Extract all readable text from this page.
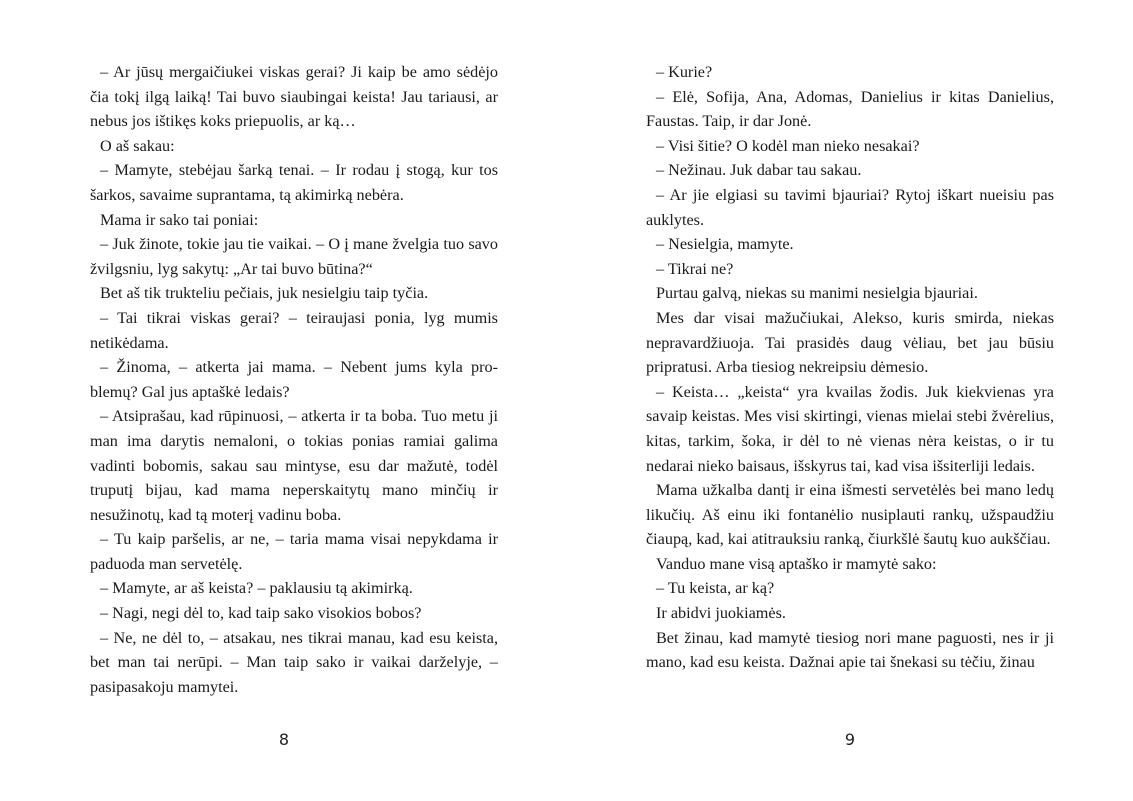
– Ar jūsų mergaičiukei viskas gerai? Ji kaip be amo sėdėjo čia tokį ilgą laiką! Tai buvo siaubingai keista! Jau tariausi, ar nebus jos ištikęs koks priepuolis, ar ką…

O aš sakau:

– Mamyte, stebėjau šarką tenai. – Ir rodau į stogą, kur tos šarkos, savaime suprantama, tą akimirką nebėra.

Mama ir sako tai poniai:

– Juk žinote, tokie jau tie vaikai. – O į mane žvelgia tuo savo žvilgsniu, lyg sakytų: „Ar tai buvo būtina?“

Bet aš tik trukteliu pečiais, juk nesielgiu taip tyčia.

– Tai tikrai viskas gerai? – teiraujasi ponia, lyg mumis netikėdama.

– Žinoma, – atkerta jai mama. – Nebent jums kyla problemų? Gal jus aptaškė ledais?

– Atsiprašau, kad rūpinuosi, – atkerta ir ta boba. Tuo metu ji man ima darytis nemaloni, o tokias ponias ramiai galima vadinti bobomis, sakau sau mintyse, esu dar mažutė, todėl truputį bijau, kad mama neperskaitytų mano minčių ir nesužinotų, kad tą moterį vadinu boba.

– Tu kaip paršelis, ar ne, – taria mama visai nepykdama ir paduoda man servetėlę.

– Mamyte, ar aš keista? – paklausiu tą akimirką.

– Nagi, negi dėl to, kad taip sako visokios bobos?

– Ne, ne dėl to, – atsakau, nes tikrai manau, kad esu keista, bet man tai nerūpi. – Man taip sako ir vaikai darželyje, – pasipasakoju mamytei.

8

– Kurie?

– Elė, Sofija, Ana, Adomas, Danielius ir kitas Danielius, Faustas. Taip, ir dar Jonė.

– Visi šitie? O kodėl man nieko nesakai?

– Nežinau. Juk dabar tau sakau.

– Ar jie elgiasi su tavimi bjauriai? Rytoj iškart nueisiu pas auklytes.

– Nesielgia, mamyte.

– Tikrai ne?

Purtau galvą, niekas su manimi nesielgia bjauriai.

Mes dar visai mažučiukai, Alekso, kuris smirda, niekas nepravardžiuoja. Tai prasidės daug vėliau, bet jau būsiu pripratusi. Arba tiesiog nekreipsiu dėmesio.

– Keista… „keista“ yra kvailas žodis. Juk kiekvienas yra savaip keistas. Mes visi skirtingi, vienas mielai stebi žvėrelius, kitas, tarkim, šoka, ir dėl to nė vienas nėra keistas, o ir tu nedarai nieko baisaus, išskyrus tai, kad visa išsiterliji ledais.

Mama užkalba dantį ir eina išmesti servetėlės bei mano ledų likučių. Aš einu iki fontanėlio nusiplauti rankų, užspaudžiu čiaupą, kad, kai atitrauksiu ranką, čiurkšlė šautų kuo aukščiau.

Vanduo mane visą aptaško ir mamytė sako:

– Tu keista, ar ką?

Ir abidvi juokiamės.

Bet žinau, kad mamytė tiesiog nori mane paguosti, nes ir ji mano, kad esu keista. Dažnai apie tai šnekasi su tėčiu, žinau

9
